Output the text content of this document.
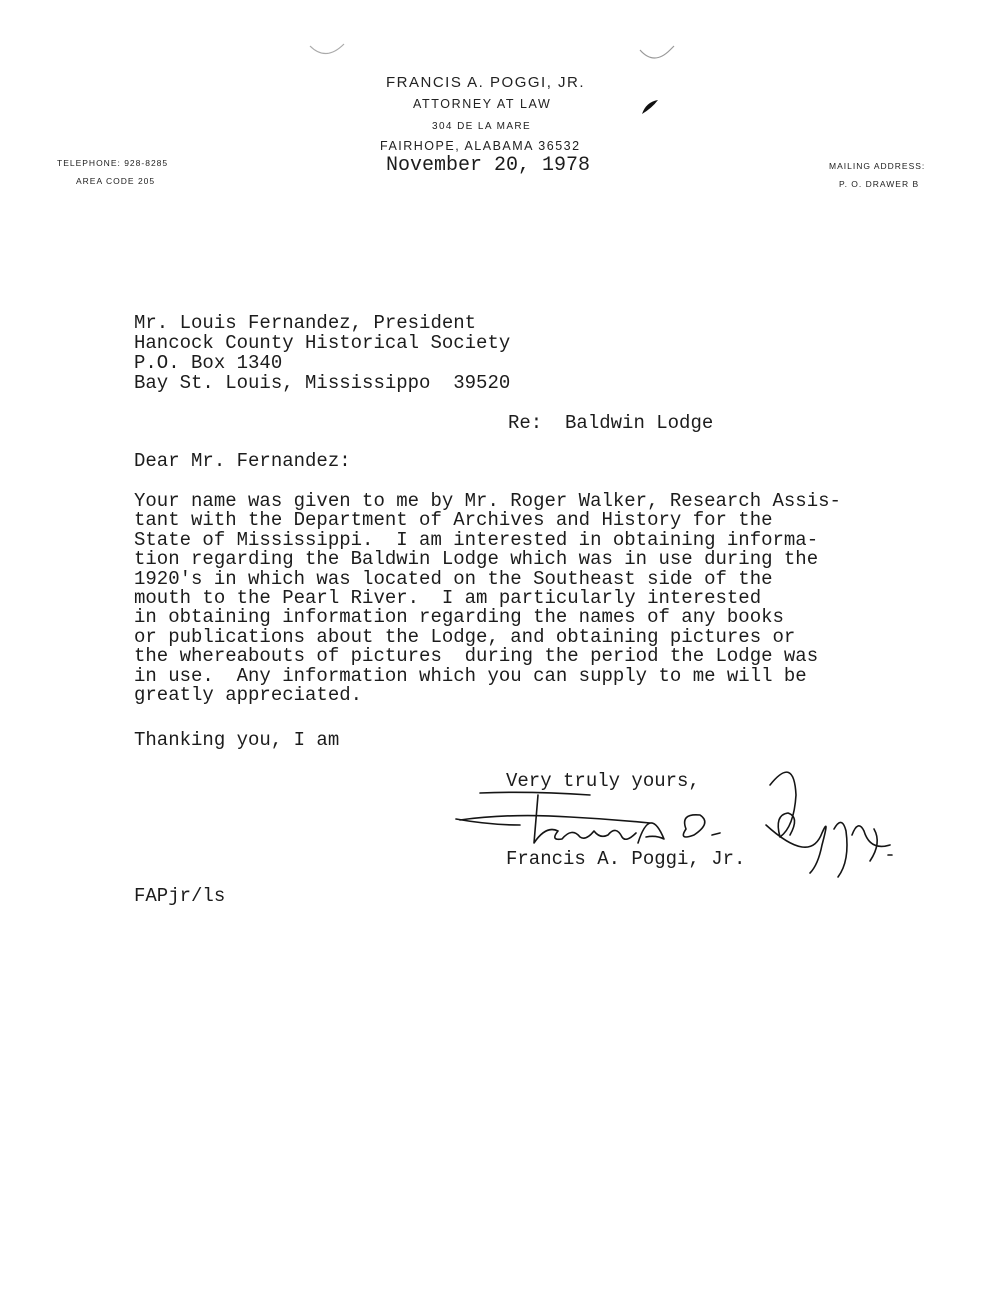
FRANCIS A. POGGI, JR.
ATTORNEY AT LAW
304 DE LA MARE
FAIRHOPE, ALABAMA 36532
TELEPHONE: 928-8285
AREA CODE 205
MAILING ADDRESS:
P. O. DRAWER B
November 20, 1978
Mr. Louis Fernandez, President
Hancock County Historical Society
P.O. Box 1340
Bay St. Louis, Mississippo  39520
Re: Baldwin Lodge
Dear Mr. Fernandez:
Your name was given to me by Mr. Roger Walker, Research Assis-
tant with the Department of Archives and History for the
State of Mississippi.  I am interested in obtaining informa-
tion regarding the Baldwin Lodge which was in use during the
1920's in which was located on the Southeast side of the
mouth to the Pearl River.  I am particularly interested
in obtaining information regarding the names of any books
or publications about the Lodge, and obtaining pictures or
the whereabouts of pictures  during the period the Lodge was
in use.  Any information which you can supply to me will be
greatly appreciated.
Thanking you, I am
Very truly yours,
Francis A. Poggi, Jr.
FAPjr/ls
